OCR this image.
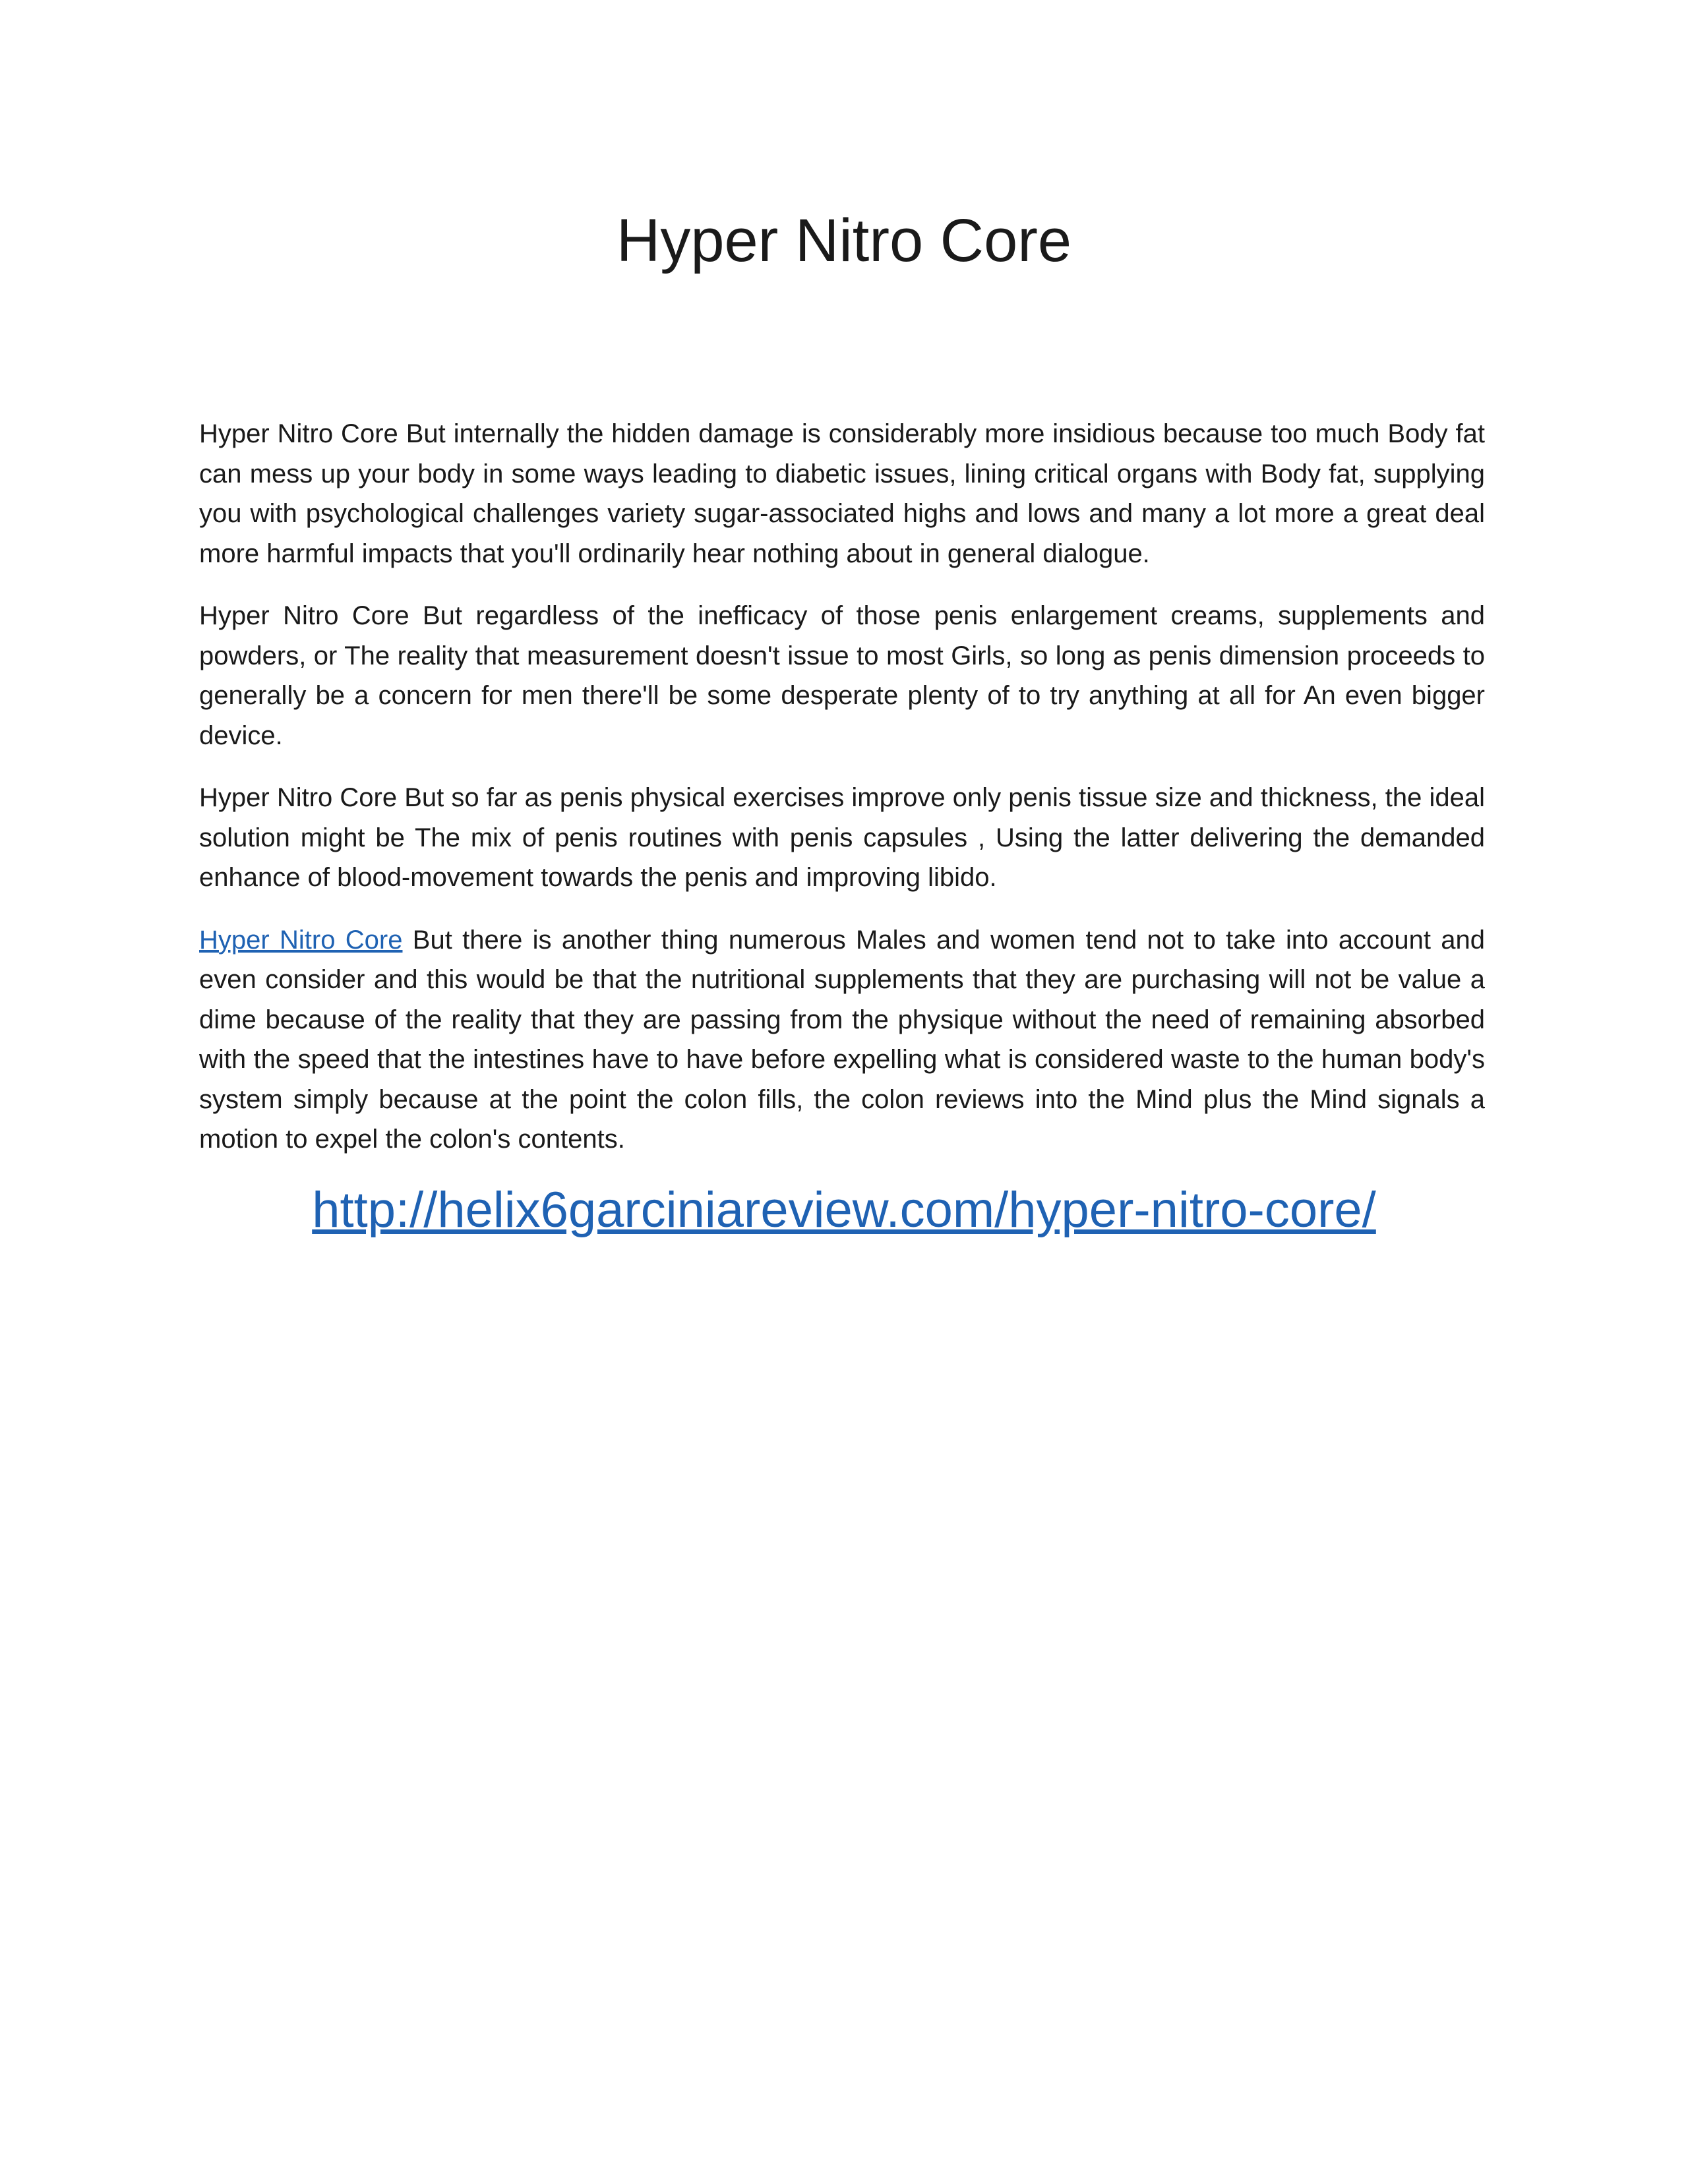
Hyper Nitro Core

Hyper Nitro Core But internally the hidden damage is considerably more insidious because too much Body fat can mess up your body in some ways leading to diabetic issues, lining critical organs with Body fat, supplying you with psychological challenges variety sugar-associated highs and lows and many a lot more a great deal more harmful impacts that you'll ordinarily hear nothing about in general dialogue.

Hyper Nitro Core But regardless of the inefficacy of those penis enlargement creams, supplements and powders, or The reality that measurement doesn't issue to most Girls, so long as penis dimension proceeds to generally be a concern for men there'll be some desperate plenty of to try anything at all for An even bigger device.

Hyper Nitro Core But so far as penis physical exercises improve only penis tissue size and thickness, the ideal solution might be The mix of penis routines with penis capsules , Using the latter delivering the demanded enhance of blood-movement towards the penis and improving libido.

Hyper Nitro Core But there is another thing numerous Males and women tend not to take into account and even consider and this would be that the nutritional supplements that they are purchasing will not be value a dime because of the reality that they are passing from the physique without the need of remaining absorbed with the speed that the intestines have to have before expelling what is considered waste to the human body's system simply because at the point the colon fills, the colon reviews into the Mind plus the Mind signals a motion to expel the colon's contents.

http://helix6garciniareview.com/hyper-nitro-core/
